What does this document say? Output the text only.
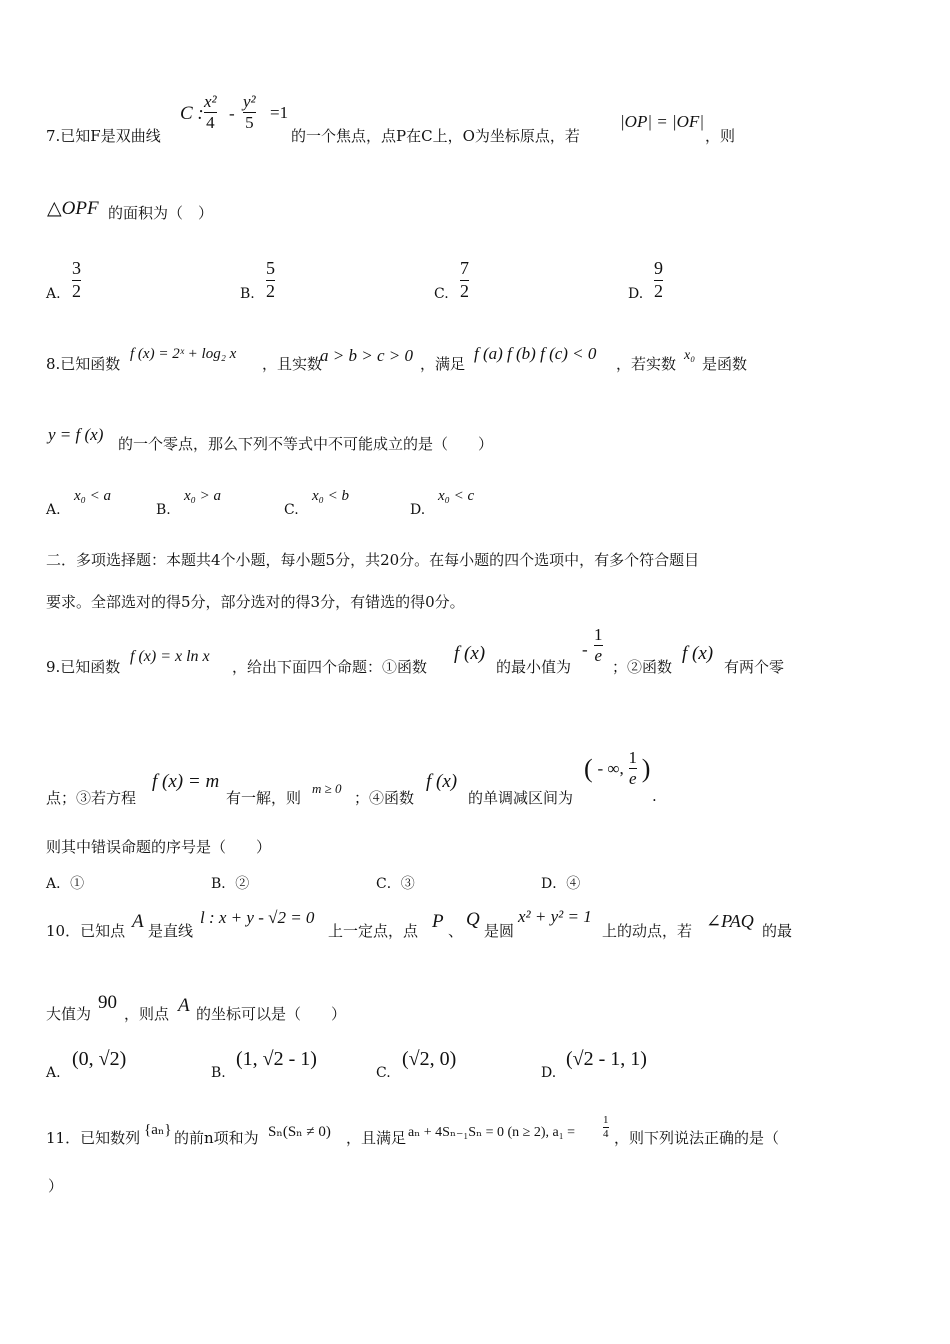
7.已知F是双曲线
C : $\frac{\text{x²}}{4} - \frac{\text{y²}}{5} =1$
的一个焦点，点P在C上，O为坐标原点，若
|OP| = |OF|
，则
△OPF 的面积为（　）
A. $\frac{3}{2}$	B. $\frac{5}{2}$	C. $\frac{7}{2}$	D. $\frac{9}{2}$
8.已知函数
f (x) = 2ˣ + log₂ x
，且实数
a > b > c > 0 ，满足
f (a) f (b) f (c) < 0
，若实数 x₀ 是函数
y = f (x) 的一个零点，那么下列不等式中不可能成立的是（　　）
A.
x₀ < a
B.
x₀ > a
C.
x₀ < b
D.
x₀ < c
二．多项选择题：本题共4个小题，每小题5分，共20分。在每小题的四个选项中，有多个符合题目
要求。全部选对的得5分，部分选对的得3分，有错选的得0分。
9.已知函数
f (x) = x ln x
，给出下面四个命题：①函数
f (x)
的最小值为
- $\frac{1}{e}$
；②函数
f (x)
有两个零
点；③若方程
f (x) = m
有一解，则
m ≥ 0
；④函数
f (x)
的单调减区间为
( - ∞, $\frac{1}{e}$ )
.
则其中错误命题的序号是（　　）
A．①	B．②	C．③	D．④
10．已知点 A 是直线
l : x + y - √2 = 0
上一定点，点 P 、
Q
是圆
x² + y² = 1
上的动点，若 ∠PAQ 的最
大值为
90
，则点 A 的坐标可以是（　　）
A.
(0, √2)
B.
(1, √2 - 1)
C.
(√2, 0)
D.
(√2 - 1, 1)
11．已知数列 {aₙ} 的前n项和为 Sₙ(Sₙ ≠ 0) ，且满足 aₙ + 4Sₙ₋₁Sₙ = 0 (n ≥ 2), a₁ =	$\frac{1}{4}$ ，则下列说法正确的是（
）
